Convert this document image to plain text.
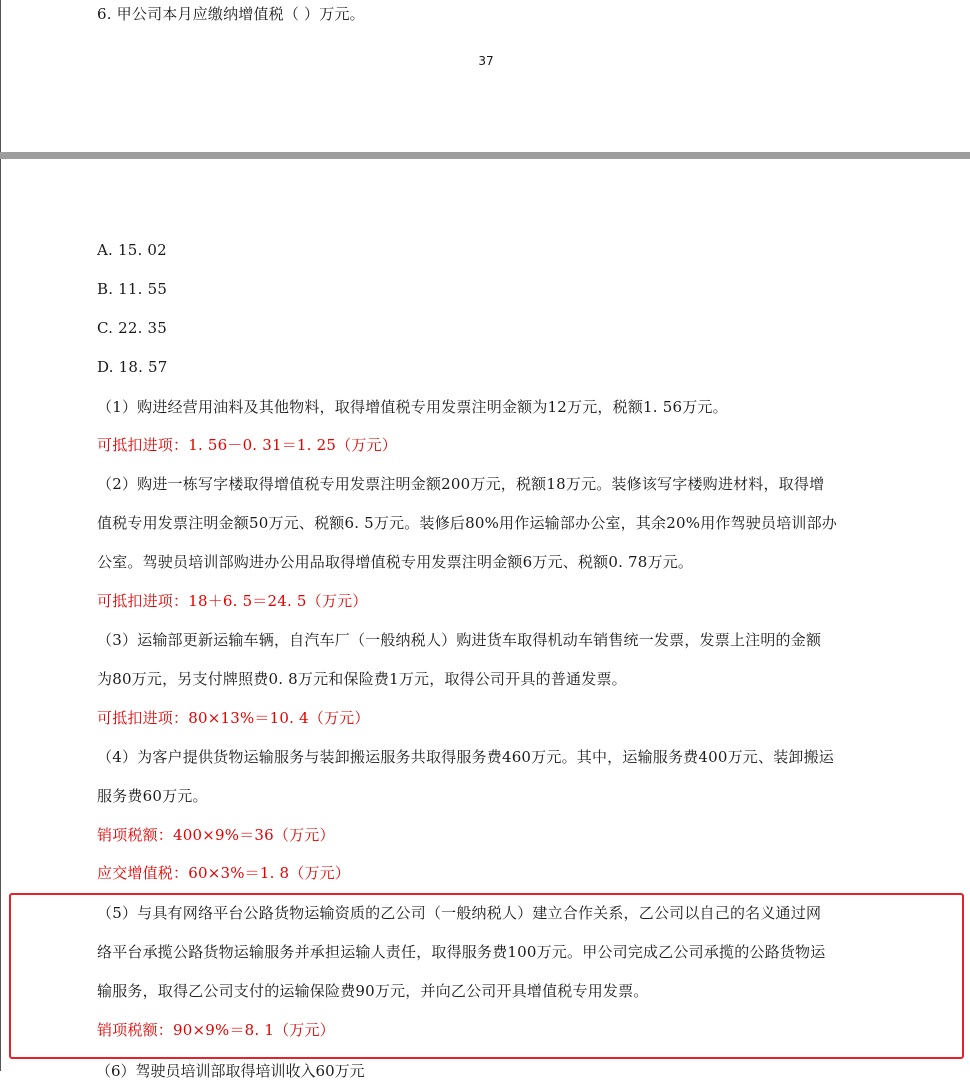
6. 甲公司本月应缴纳增值税（ ）万元。
37
A. 15. 02
B. 11. 55
C. 22. 35
D. 18. 57
（1）购进经营用油料及其他物料，取得增值税专用发票注明金额为12万元，税额1. 56万元。
可抵扣进项：1. 56－0. 31＝1. 25（万元）
（2）购进一栋写字楼取得增值税专用发票注明金额200万元，税额18万元。装修该写字楼购进材料，取得增
值税专用发票注明金额50万元、税额6. 5万元。装修后80%用作运输部办公室，其余20%用作驾驶员培训部办
公室。驾驶员培训部购进办公用品取得增值税专用发票注明金额6万元、税额0. 78万元。
可抵扣进项：18＋6. 5＝24. 5（万元）
（3）运输部更新运输车辆，自汽车厂（一般纳税人）购进货车取得机动车销售统一发票，发票上注明的金额
为80万元，另支付牌照费0. 8万元和保险费1万元，取得公司开具的普通发票。
可抵扣进项：80×13%＝10. 4（万元）
（4）为客户提供货物运输服务与装卸搬运服务共取得服务费460万元。其中，运输服务费400万元、装卸搬运
服务费60万元。
销项税额：400×9%＝36（万元）
应交增值税：60×3%＝1. 8（万元）
（5）与具有网络平台公路货物运输资质的乙公司（一般纳税人）建立合作关系，乙公司以自己的名义通过网
络平台承揽公路货物运输服务并承担运输人责任，取得服务费100万元。甲公司完成乙公司承揽的公路货物运
输服务，取得乙公司支付的运输保险费90万元，并向乙公司开具增值税专用发票。
销项税额：90×9%＝8. 1（万元）
（6）驾驶员培训部取得培训收入60万元
